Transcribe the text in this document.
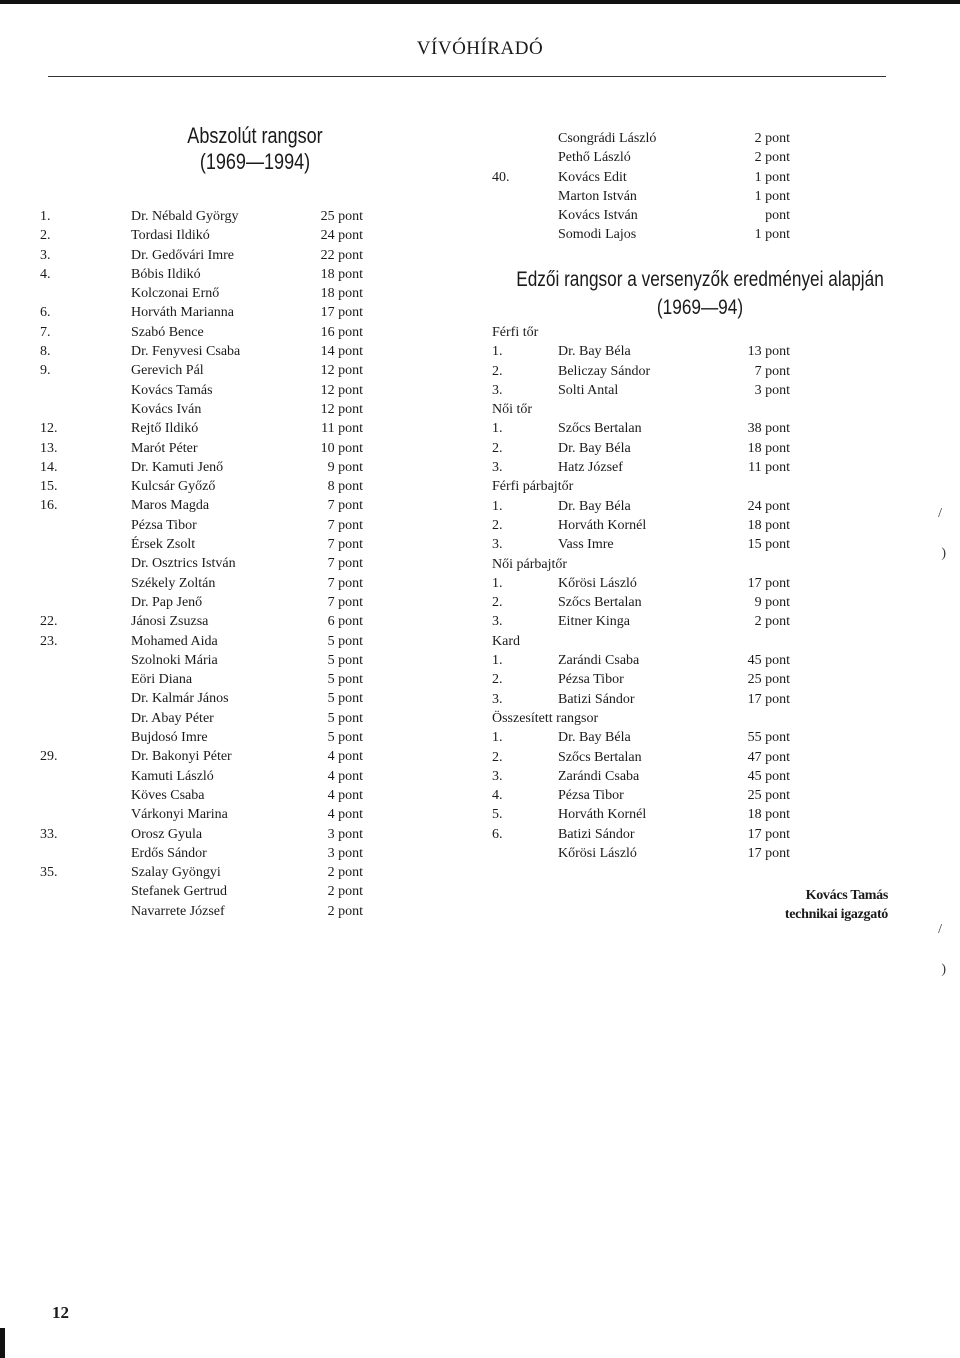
VÍVÓHÍRADÓ
Abszolút rangsor
(1969—1994)
1.	Dr. Nébald György	25 pont
2.	Tordasi Ildikó	24 pont
3.	Dr. Gedővári Imre	22 pont
4.	Bóbis Ildikó	18 pont
Kolczonai Ernő	18 pont
6.	Horváth Marianna	17 pont
7.	Szabó Bence	16 pont
8.	Dr. Fenyvesi Csaba	14 pont
9.	Gerevich Pál	12 pont
Kovács Tamás	12 pont
Kovács Iván	12 pont
12.	Rejtő Ildikó	11 pont
13.	Marót Péter	10 pont
14.	Dr. Kamuti Jenő	9 pont
15.	Kulcsár Győző	8 pont
16.	Maros Magda	7 pont
Pézsa Tibor	7 pont
Érsek Zsolt	7 pont
Dr. Osztrics István	7 pont
Székely Zoltán	7 pont
Dr. Pap Jenő	7 pont
22.	Jánosi Zsuzsa	6 pont
23.	Mohamed Aida	5 pont
Szolnoki Mária	5 pont
Eöri Diana	5 pont
Dr. Kalmár János	5 pont
Dr. Abay Péter	5 pont
Bujdosó Imre	5 pont
29.	Dr. Bakonyi Péter	4 pont
Kamuti László	4 pont
Köves Csaba	4 pont
Várkonyi Marina	4 pont
33.	Orosz Gyula	3 pont
Erdős Sándor	3 pont
35.	Szalay Gyöngyi	2 pont
Stefanek Gertrud	2 pont
Navarrete József	2 pont
Csongrádi László	2 pont
Pethő László	2 pont
40.	Kovács Edit	1 pont
Marton István	1 pont
Kovács István	pont
Somodi Lajos	1 pont
Edzői rangsor a versenyzők eredményei alapján
(1969—94)
Férfi tőr
1.	Dr. Bay Béla	13 pont
2.	Beliczay Sándor	7 pont
3.	Solti Antal	3 pont
Női tőr
1.	Szőcs Bertalan	38 pont
2.	Dr. Bay Béla	18 pont
3.	Hatz József	11 pont
Férfi párbajtőr
1.	Dr. Bay Béla	24 pont
2.	Horváth Kornél	18 pont
3.	Vass Imre	15 pont
Női párbajtőr
1.	Kőrösi László	17 pont
2.	Szőcs Bertalan	9 pont
3.	Eitner Kinga	2 pont
Kard
1.	Zarándi Csaba	45 pont
2.	Pézsa Tibor	25 pont
3.	Batizi Sándor	17 pont
Összesített rangsor
1.	Dr. Bay Béla	55 pont
2.	Szőcs Bertalan	47 pont
3.	Zarándi Csaba	45 pont
4.	Pézsa Tibor	25 pont
5.	Horváth Kornél	18 pont
6.	Batizi Sándor	17 pont
Kőrösi László	17 pont
Kovács Tamás
technikai igazgató
12
/
)
/
)
